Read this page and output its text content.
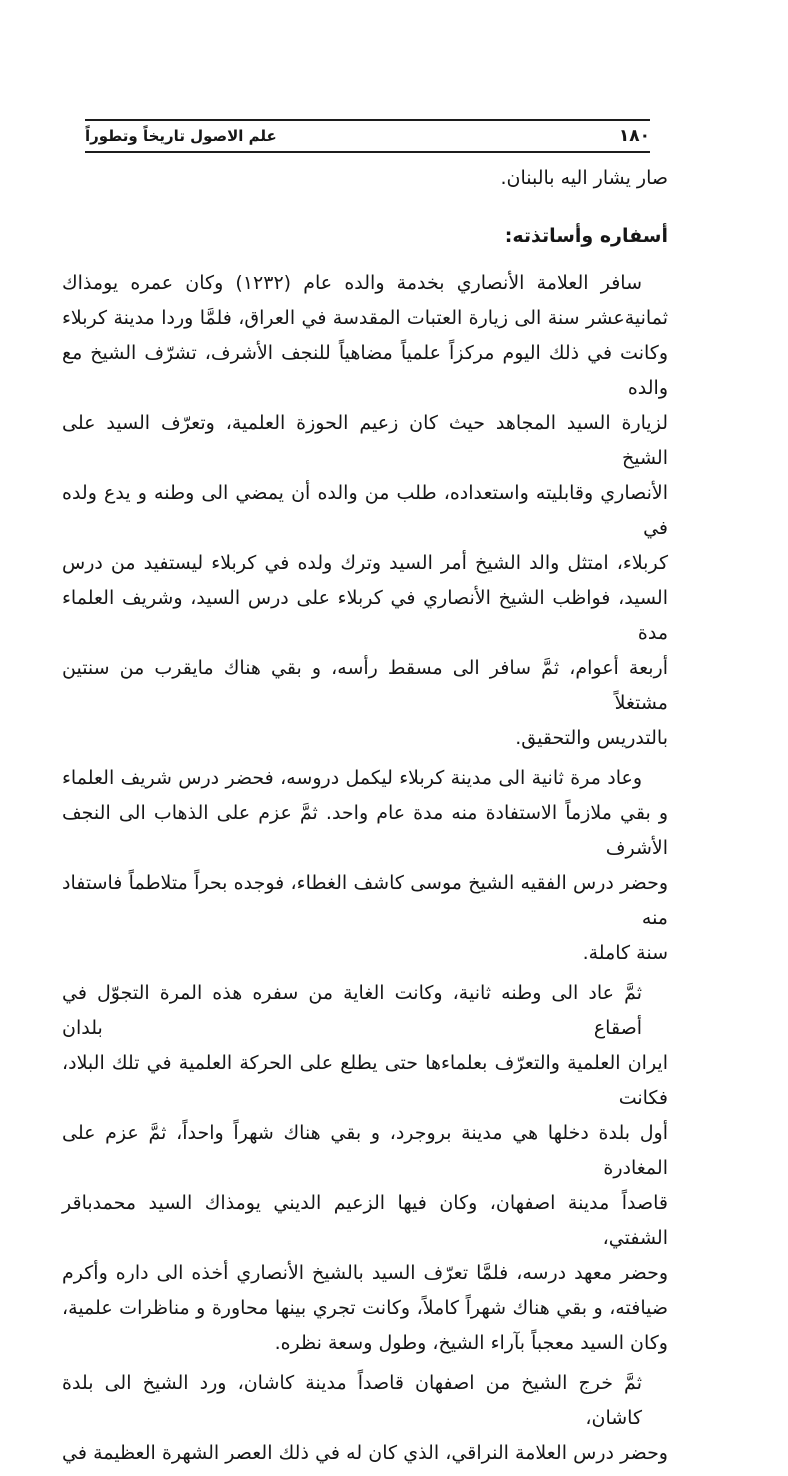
١٨٠
علم الاصول تاريخاً وتطوراً
صار يشار اليه بالبنان.
أسفاره وأساتذته:
سافر العلامة الأنصاري بخدمة والده عام (١٢٣٢) وكان عمره يومذاك
ثمانية‌عشر سنة الى زيارة العتبات المقدسة في العراق، فلمَّا وردا مدينة كربلاء
وكانت في ذلك اليوم مركزاً علمياً مضاهياً للنجف الأشرف، تشرّف الشيخ مع والده
لزيارة السيد المجاهد حيث كان زعيم الحوزة العلمية، وتعرّف السيد على الشيخ
الأنصاري وقابليته واستعداده، طلب من والده أن يمضي الى وطنه و يدع ولده في
كربلاء، امتثل والد الشيخ أمر السيد وترك ولده في كربلاء ليستفيد من درس
السيد، فواظب الشيخ الأنصاري في كربلاء على درس السيد، وشريف العلماء مدة
أربعة أعوام، ثمَّ سافر الى مسقط رأسه، و بقي هناك مايقرب من سنتين مشتغلاً
بالتدريس والتحقيق.
وعاد مرة ثانية الى مدينة كربلاء ليكمل دروسه، فحضر درس شريف العلماء
و بقي ملازماً الاستفادة منه مدة عام واحد. ثمَّ عزم على الذهاب الى النجف الأشرف
وحضر درس الفقيه الشيخ موسى كاشف الغطاء، فوجده بحراً متلاطماً فاستفاد منه
سنة كاملة.
ثمَّ عاد الى وطنه ثانية، وكانت الغاية من سفره هذه المرة التجوّل في أصقاع بلدان
ايران العلمية والتعرّف بعلماءها حتى يطلع على الحركة العلمية في تلك البلاد، فكانت
أول بلدة دخلها هي مدينة بروجرد، و بقي هناك شهراً واحداً، ثمَّ عزم على المغادرة
قاصداً مدينة اصفهان، وكان فيها الزعيم الديني يومذاك السيد محمدباقر الشفتي،
وحضر معهد درسه، فلمَّا تعرّف السيد بالشيخ الأنصاري أخذه الى داره وأكرم
ضيافته، و بقي هناك شهراً كاملاً، وكانت تجري بينها محاورة و مناظرات علمية،
وكان السيد معجباً بآراء الشيخ، وطول وسعة نظره.
ثمَّ خرج الشيخ من اصفهان قاصداً مدينة كاشان، ورد الشيخ الى بلدة كاشان،
وحضر درس العلامة النراقي، الذي كان له في ذلك العصر الشهرة العظيمة في
